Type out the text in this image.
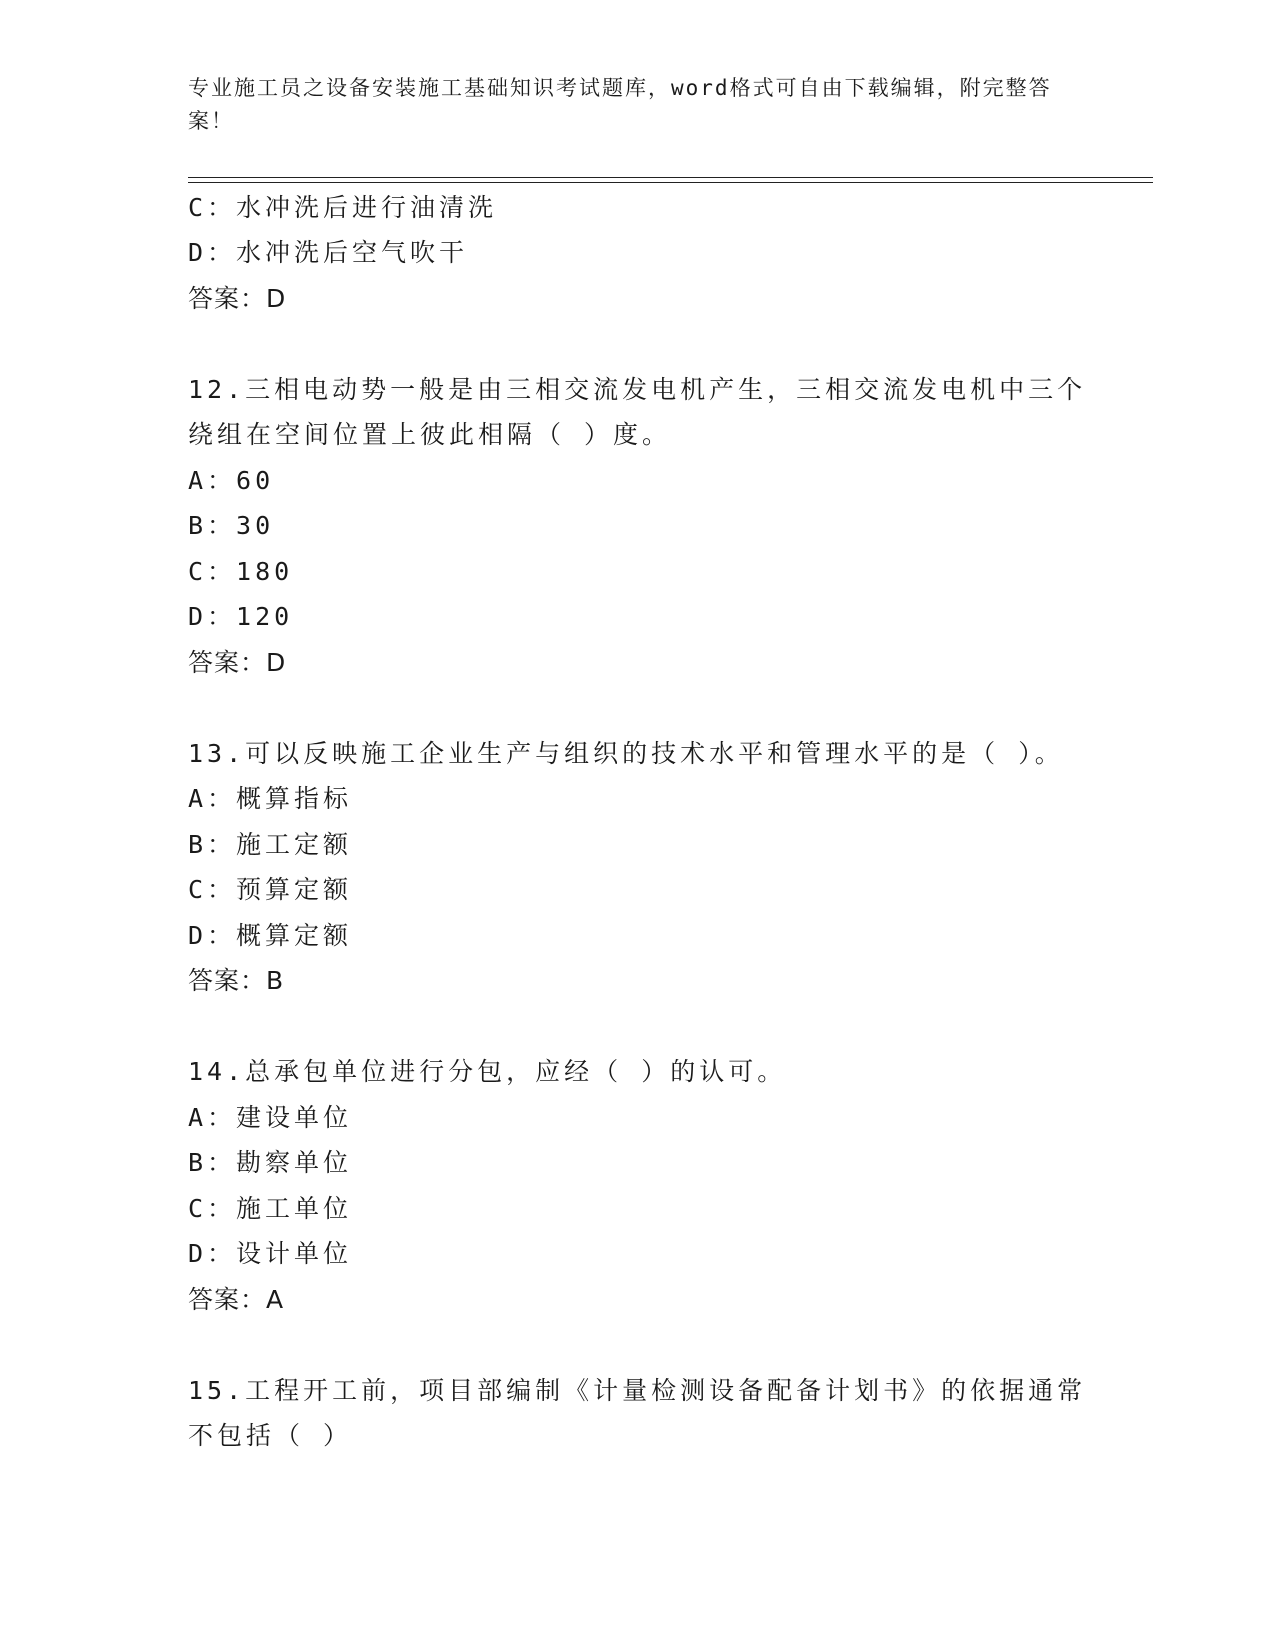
专业施工员之设备安装施工基础知识考试题库，word格式可自由下载编辑，附完整答案！
C：水冲洗后进行油清洗
D：水冲洗后空气吹干
答案：D
12.三相电动势一般是由三相交流发电机产生，三相交流发电机中三个
绕组在空间位置上彼此相隔（ ）度。
A：60
B：30
C：180
D：120
答案：D
13.可以反映施工企业生产与组织的技术水平和管理水平的是（ ）。
A：概算指标
B：施工定额
C：预算定额
D：概算定额
答案：B
14.总承包单位进行分包，应经（ ）的认可。
A：建设单位
B：勘察单位
C：施工单位
D：设计单位
答案：A
15.工程开工前，项目部编制《计量检测设备配备计划书》的依据通常
不包括（ ）
